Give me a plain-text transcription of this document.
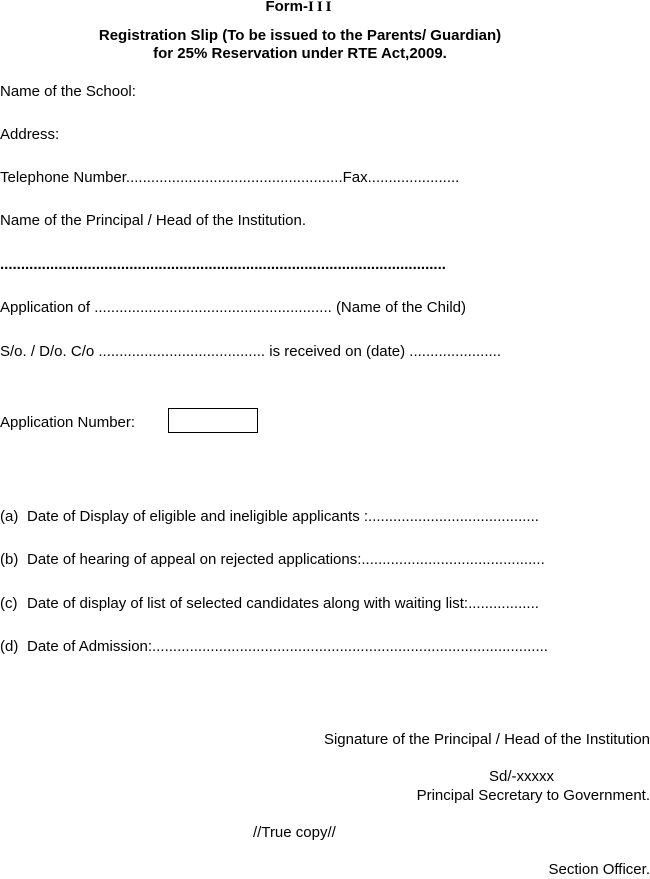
Form-III
Registration Slip (To be issued to the Parents/ Guardian)
for 25% Reservation under RTE Act,2009.
Name of the School:
Address:
Telephone Number....................................................Fax......................
Name of the Principal / Head of the Institution.
...........................................................................................................
Application of ......................................................... (Name of the Child)
S/o. / D/o. C/o ........................................ is received on (date) ......................
Application Number:
(a) Date of Display of eligible and ineligible applicants :.........................................
(b) Date of hearing of appeal on rejected applications:............................................
(c) Date of display of list of selected candidates along with waiting list:.................
(d) Date of Admission:...............................................................................................
Signature of the Principal / Head of the Institution
Sd/-xxxxx
Principal Secretary to Government.
//True copy//
Section Officer.
